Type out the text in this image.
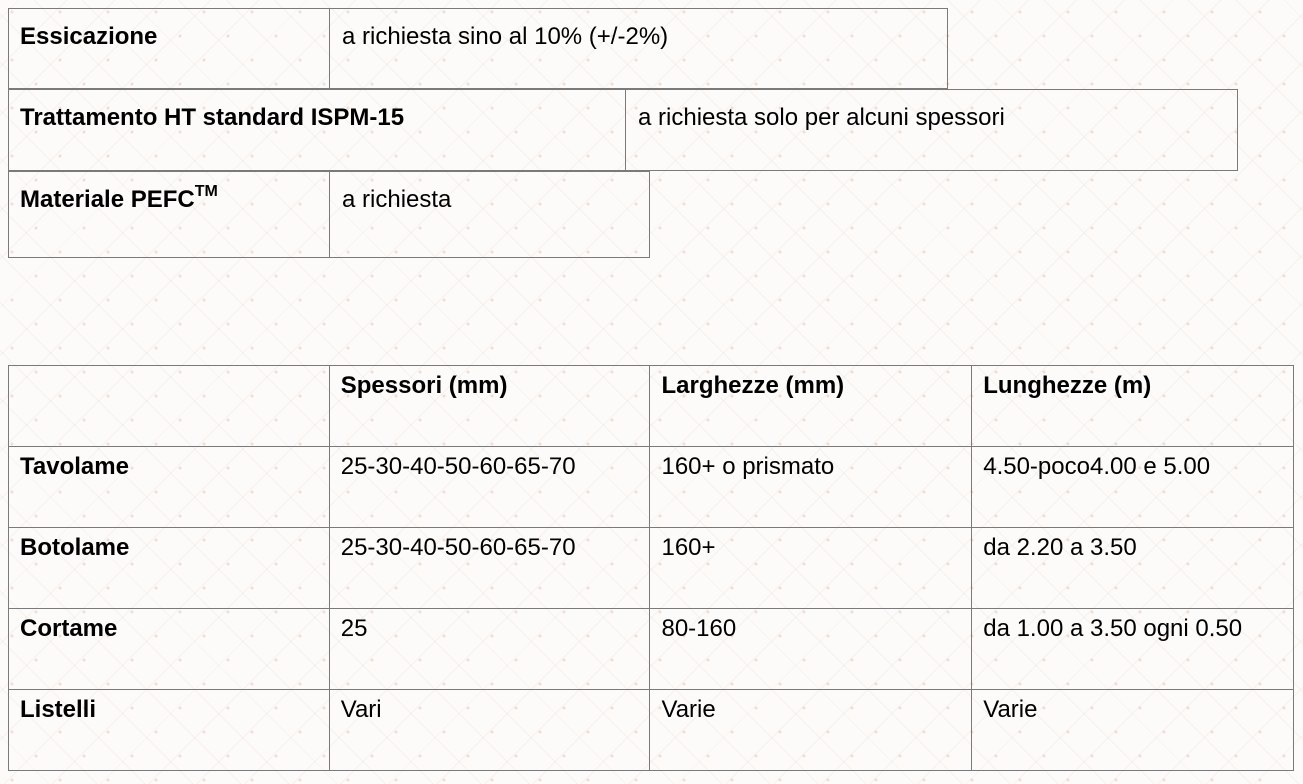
Essicazione	a richiesta sino al 10% (+/-2%)
Trattamento HT standard ISPM-15	a richiesta solo per alcuni spessori
Materiale PEFC™	a richiesta
	Spessori (mm)	Larghezze (mm)	Lunghezze (m)
Tavolame	25-30-40-50-60-65-70	160+ o prismato	4.50-poco4.00 e 5.00
Botolame	25-30-40-50-60-65-70	160+	da 2.20 a 3.50
Cortame	25	80-160	da 1.00 a 3.50 ogni 0.50
Listelli	Vari	Varie	Varie
